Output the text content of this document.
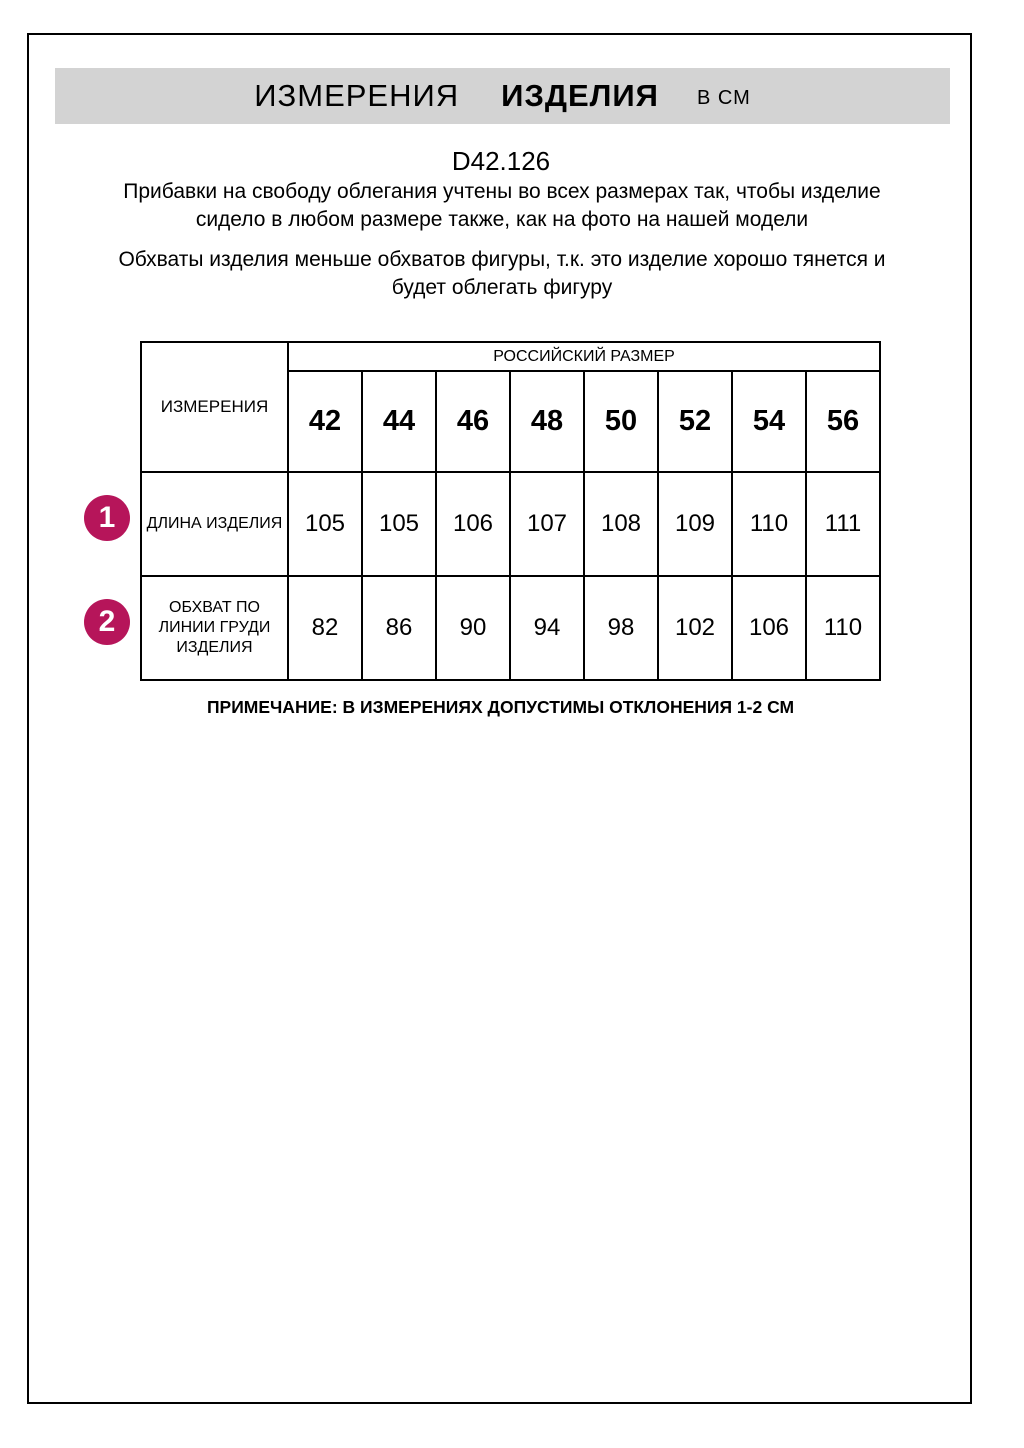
ИЗМЕРЕНИЯ ИЗДЕЛИЯ В СМ
D42.126

Прибавки на свободу облегания учтены во всех размерах так, чтобы изделие сидело в любом размере также, как на фото на нашей модели

Обхваты изделия меньше обхватов фигуры, т.к. это изделие хорошо тянется и будет облегать фигуру

ИЗМЕРЕНИЯ	РОССИЙСКИЙ РАЗМЕР							
	42	44	46	48	50	52	54	56
ДЛИНА ИЗДЕЛИЯ	105	105	106	107	108	109	110	111
ОБХВАТ ПО ЛИНИИ ГРУДИ ИЗДЕЛИЯ	82	86	90	94	98	102	106	110
1
2
ПРИМЕЧАНИЕ: В ИЗМЕРЕНИЯХ ДОПУСТИМЫ ОТКЛОНЕНИЯ 1-2 СМ
